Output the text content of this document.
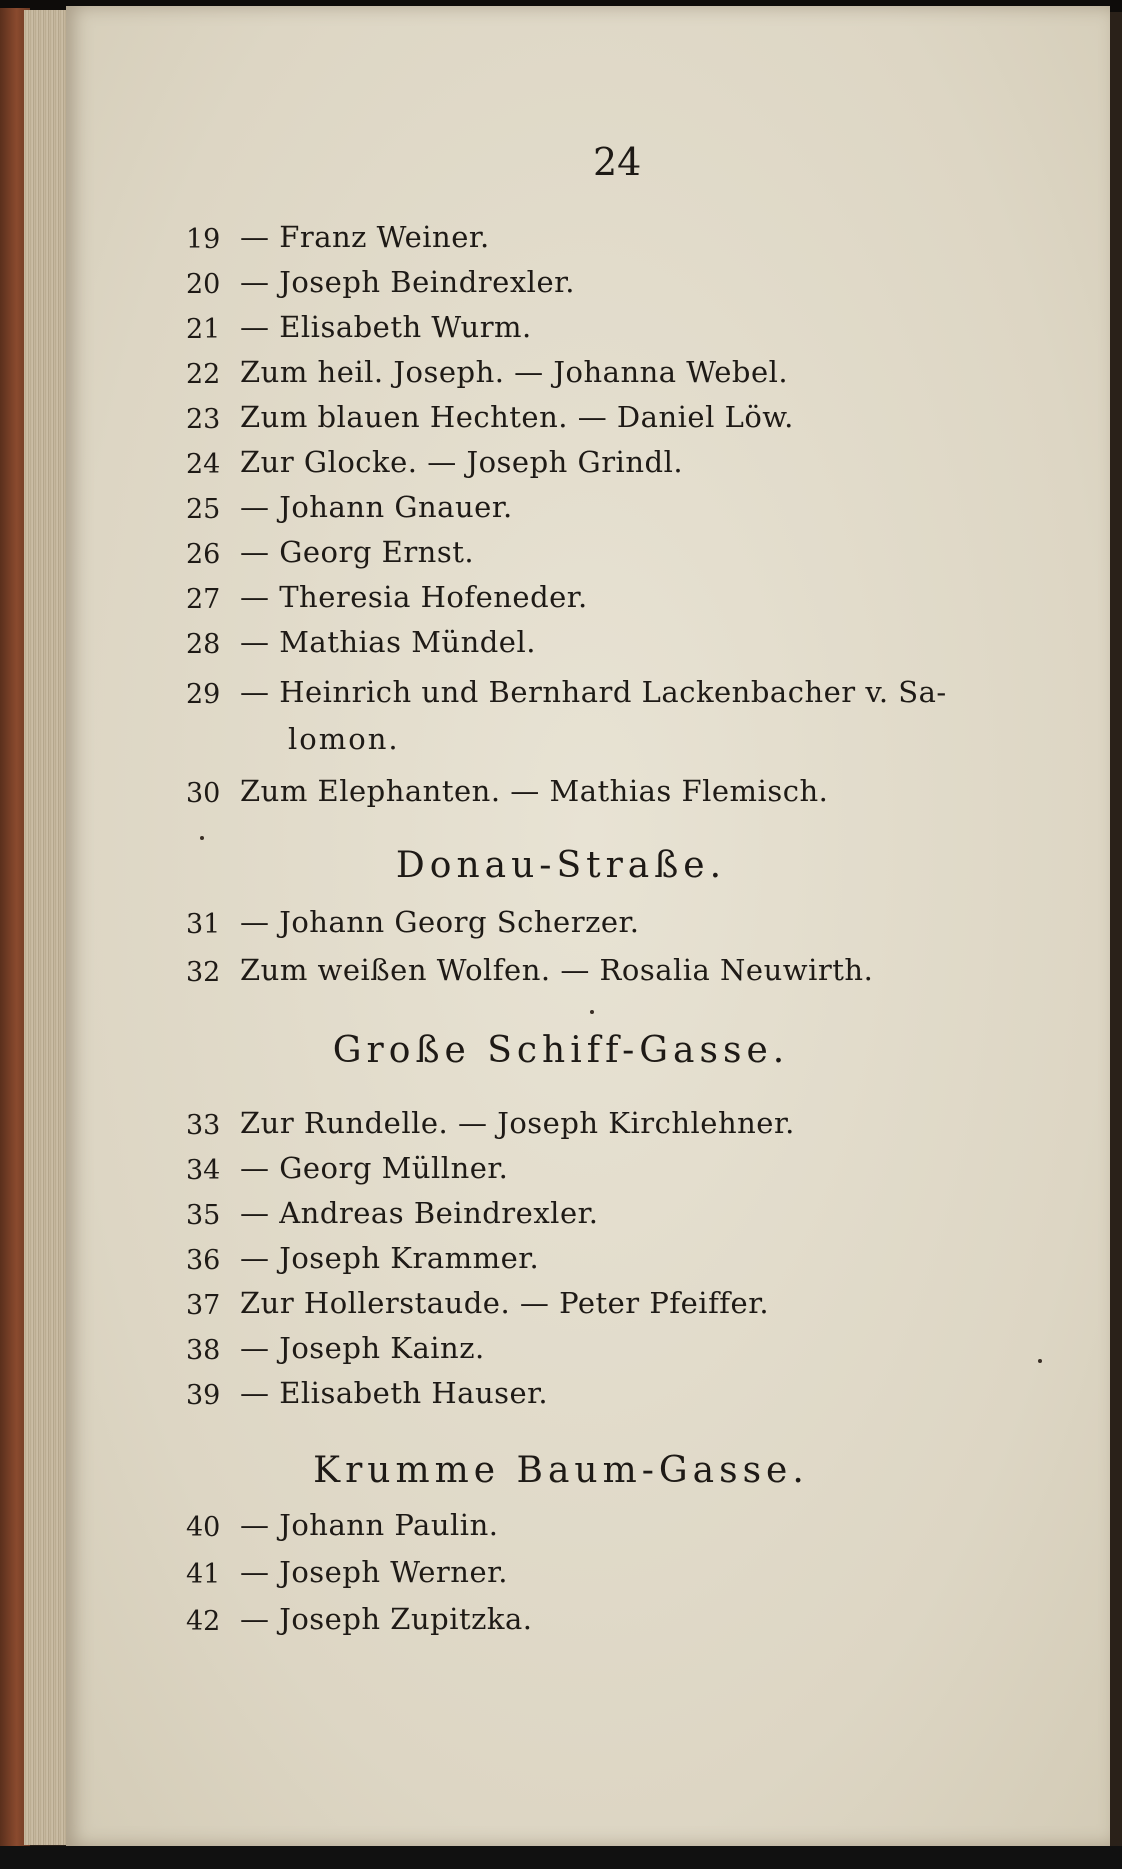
24
19 — Franz Weiner.
20 — Joseph Beindrexler.
21 — Elisabeth Wurm.
22 Zum heil. Joseph. — Johanna Webel.
23 Zum blauen Hechten. — Daniel Löw.
24 Zur Glocke. — Joseph Grindl.
25 — Johann Gnauer.
26 — Georg Ernst.
27 — Theresia Hofeneder.
28 — Mathias Mündel.
29 — Heinrich und Bernhard Lackenbacher v. Sa-
lomon.
30 Zum Elephanten. — Mathias Flemisch.
Donau-Straße.
31 — Johann Georg Scherzer.
32 Zum weißen Wolfen. — Rosalia Neuwirth.
Große Schiff-Gasse.
33 Zur Rundelle. — Joseph Kirchlehner.
34 — Georg Müllner.
35 — Andreas Beindrexler.
36 — Joseph Krammer.
37 Zur Hollerstaude. — Peter Pfeiffer.
38 — Joseph Kainz.
39 — Elisabeth Hauser.
Krumme Baum-Gasse.
40 — Johann Paulin.
41 — Joseph Werner.
42 — Joseph Zupitzka.
